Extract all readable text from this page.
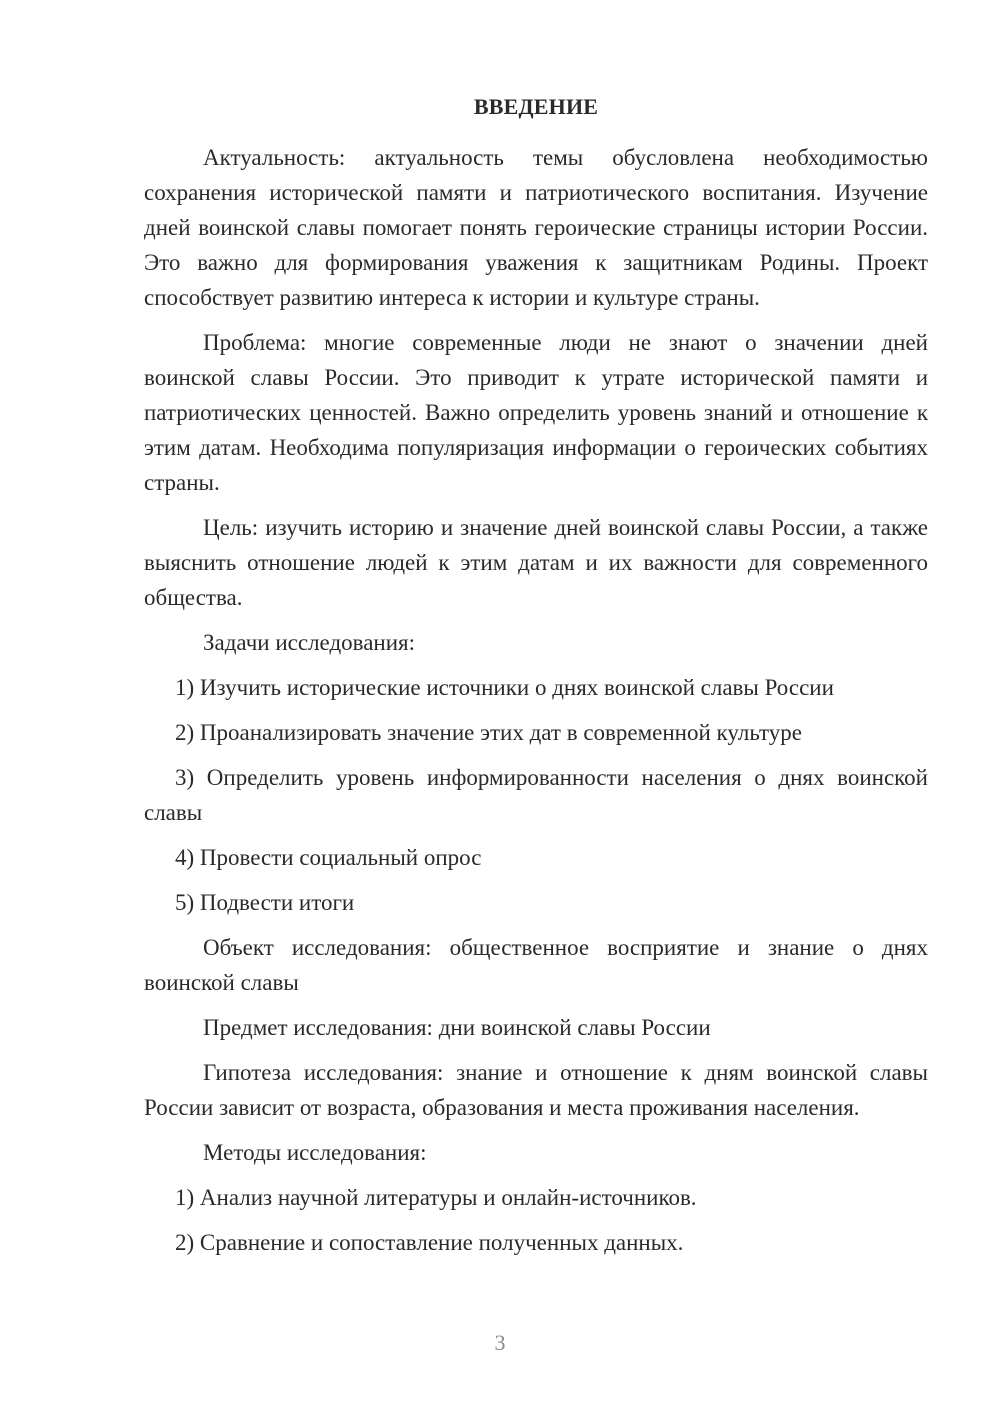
ВВЕДЕНИЕ

Актуальность: актуальность темы обусловлена необходимостью сохранения исторической памяти и патриотического воспитания. Изучение дней воинской славы помогает понять героические страницы истории России. Это важно для формирования уважения к защитникам Родины. Проект способствует развитию интереса к истории и культуре страны.

Проблема: многие современные люди не знают о значении дней воинской славы России. Это приводит к утрате исторической памяти и патриотических ценностей. Важно определить уровень знаний и отношение к этим датам. Необходима популяризация информации о героических событиях страны.

Цель: изучить историю и значение дней воинской славы России, а также выяснить отношение людей к этим датам и их важности для современного общества.

Задачи исследования:

1) Изучить исторические источники о днях воинской славы России

2) Проанализировать значение этих дат в современной культуре

3) Определить уровень информированности населения о днях воинской славы

4) Провести социальный опрос

5) Подвести итоги

Объект исследования: общественное восприятие и знание о днях воинской славы

Предмет исследования: дни воинской славы России

Гипотеза исследования: знание и отношение к дням воинской славы России зависит от возраста, образования и места проживания населения.

Методы исследования:

1) Анализ научной литературы и онлайн-источников.

2) Сравнение и сопоставление полученных данных.

3
